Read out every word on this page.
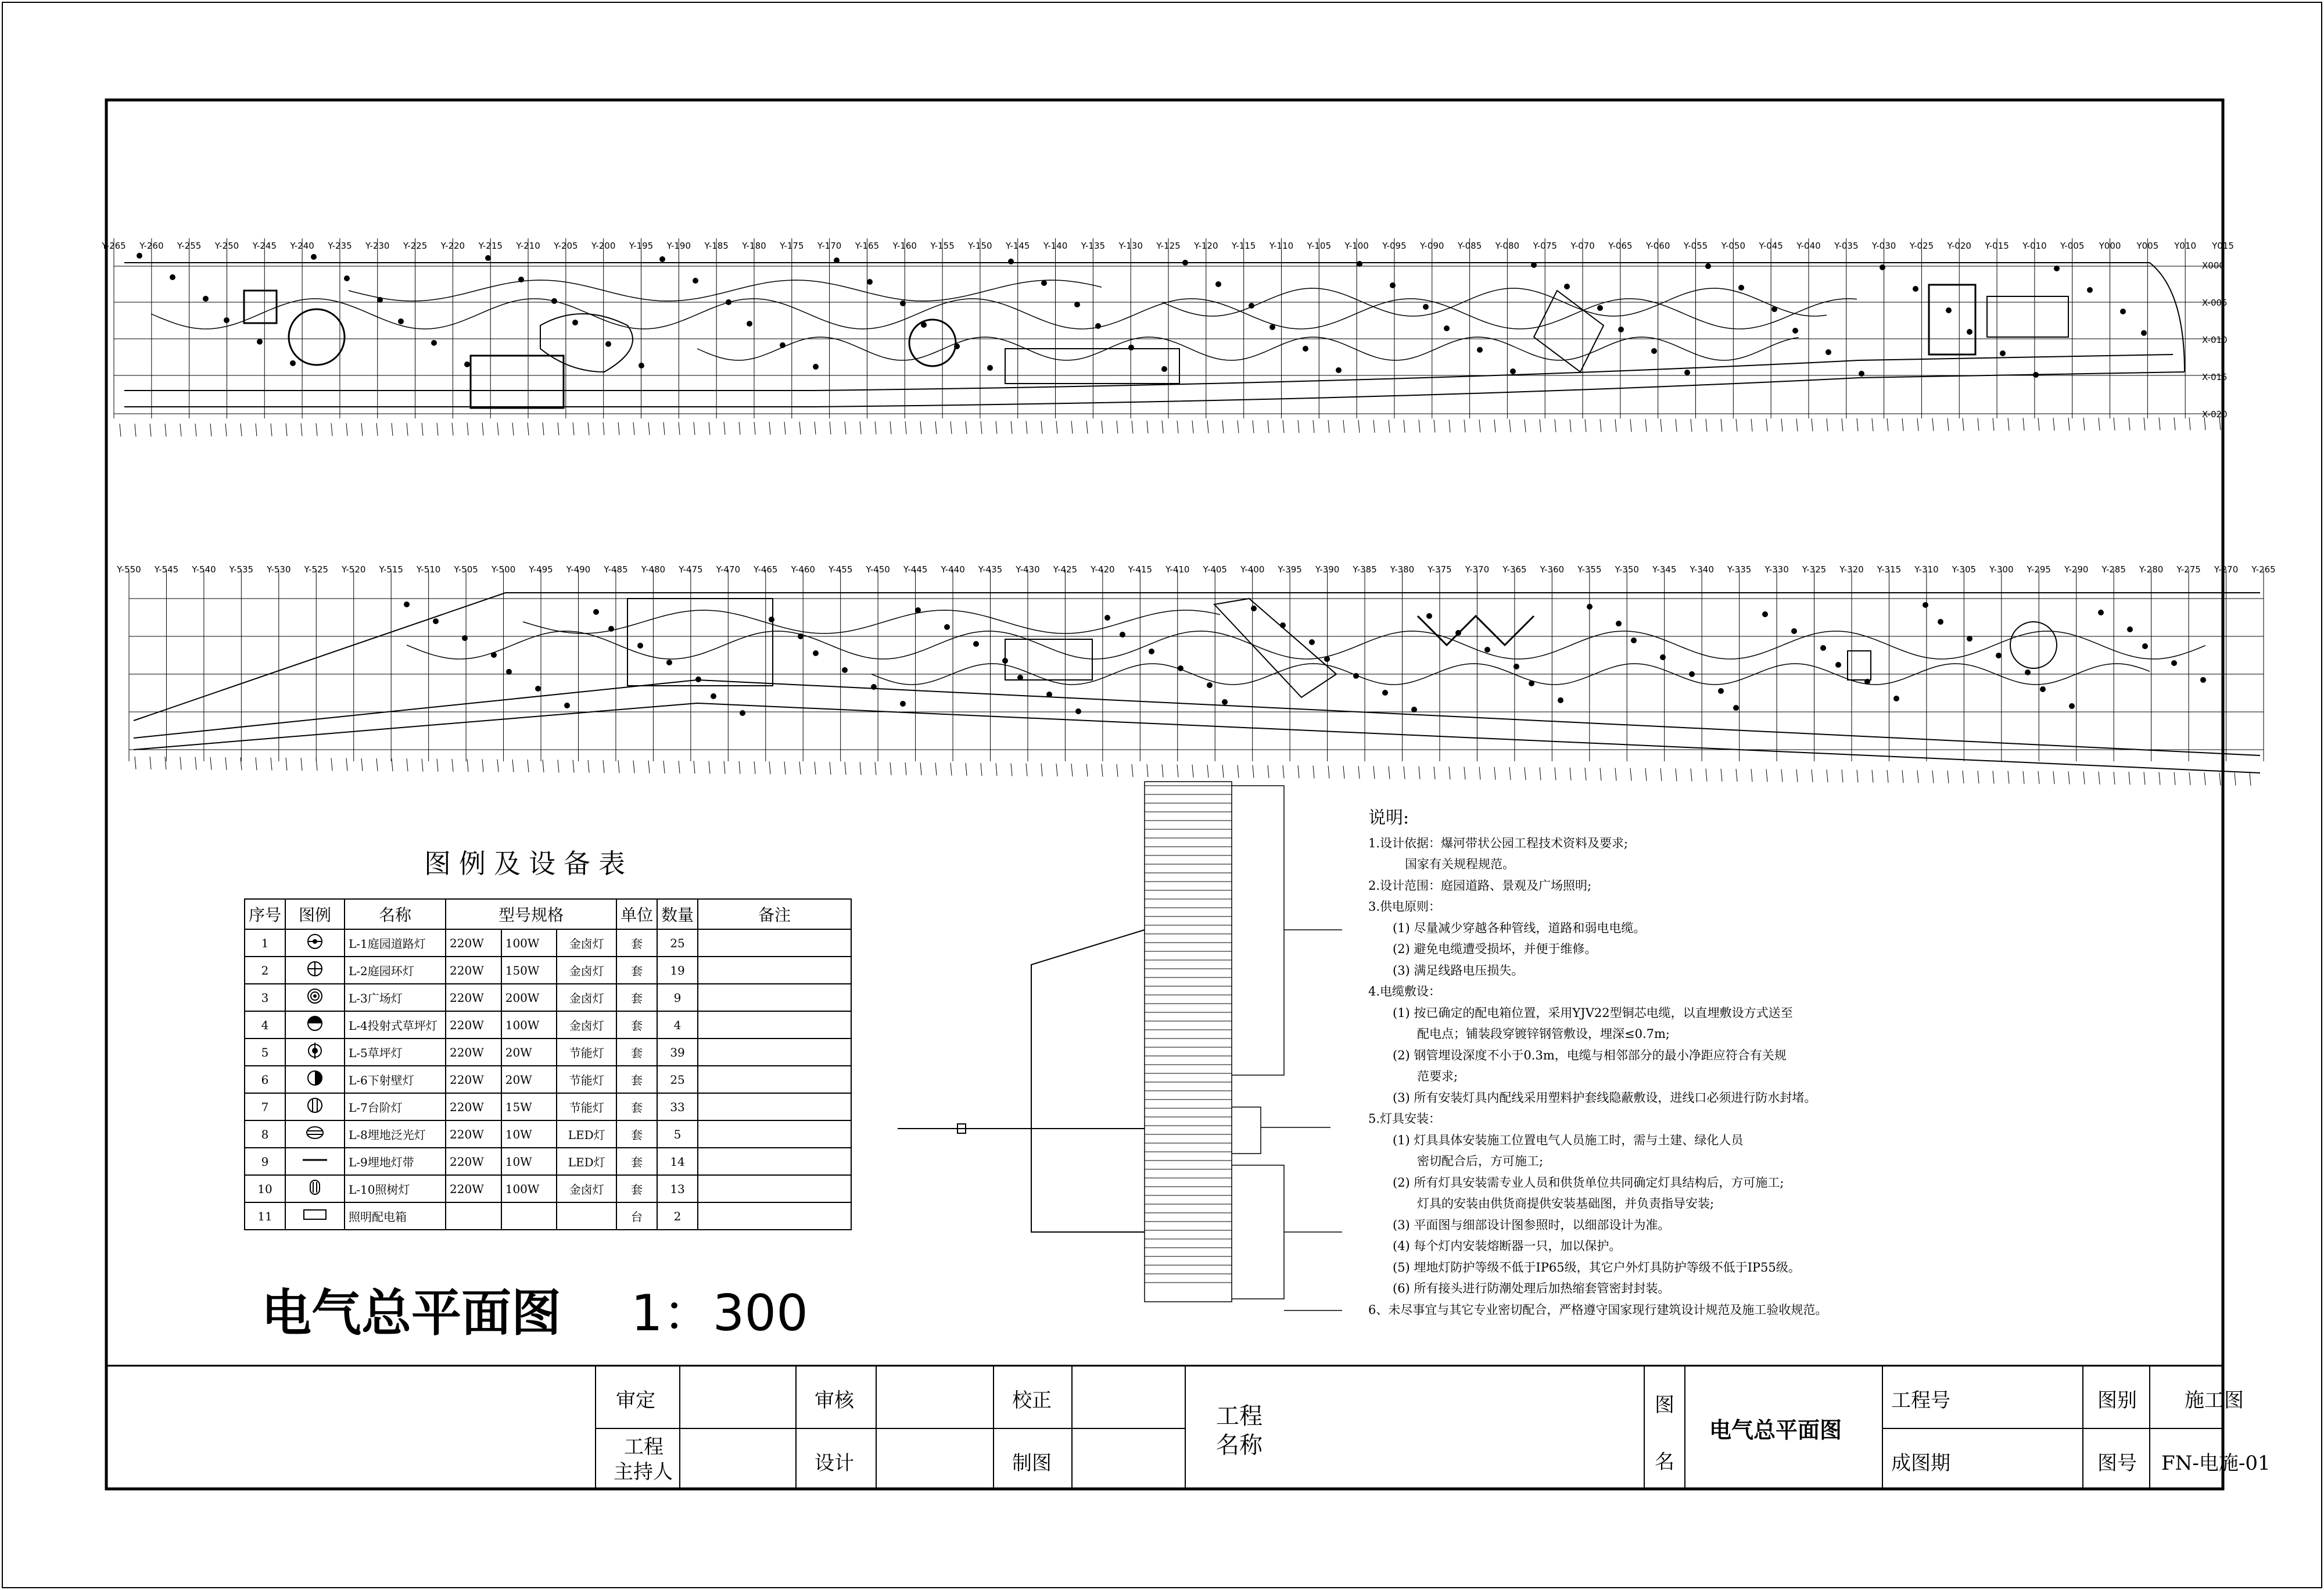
Y-265 Y-260 Y-255 Y-250 Y-245 Y-240 Y-235 Y-230 Y-225 Y-220 Y-215 Y-210 Y-205 Y-200 Y-195 Y-190 Y-185 Y-180 Y-175 Y-170 Y-165 Y-160 Y-155 Y-150 Y-145 Y-140 Y-135 Y-130 Y-125 Y-120 Y-115 Y-110 Y-105 Y-100 Y-095 Y-090 Y-085 Y-080 Y-075 Y-070 Y-065 Y-060 Y-055 Y-050 Y-045 Y-040 Y-035 Y-030 Y-025 Y-020 Y-015 Y-010 Y-005 Y000 Y005 Y010 Y015
X000
X-005
X-010
X-015
X-020
Y-550 Y-545 Y-540 Y-535 Y-530 Y-525 Y-520 Y-515 Y-510 Y-505 Y-500 Y-495 Y-490 Y-485 Y-480 Y-475 Y-470 Y-465 Y-460 Y-455 Y-450 Y-445 Y-440 Y-435 Y-430 Y-425 Y-420 Y-415 Y-410 Y-405 Y-400 Y-395 Y-390 Y-385 Y-380 Y-375 Y-370 Y-365 Y-360 Y-355 Y-350 Y-345 Y-340 Y-335 Y-330 Y-325 Y-320 Y-315 Y-310 Y-305 Y-300 Y-295 Y-290 Y-285 Y-280 Y-275 Y-270 Y-265
图例及设备表
序号	图例	名称	型号规格			单位	数量	备注
1		L-1庭园道路灯	220W	100W	金卤灯	套	25	
2		L-2庭园环灯	220W	150W	金卤灯	套	19	
3		L-3广场灯	220W	200W	金卤灯	套	9	
4		L-4投射式草坪灯	220W	100W	金卤灯	套	4	
5		L-5草坪灯	220W	20W	节能灯	套	39	
6		L-6下射壁灯	220W	20W	节能灯	套	25	
7		L-7台阶灯	220W	15W	节能灯	套	33	
8		L-8埋地泛光灯	220W	10W	LED灯	套	5	
9		L-9埋地灯带	220W	10W	LED灯	套	14	
10		L-10照树灯	220W	100W	金卤灯	套	13	
11		照明配电箱				台	2	
电气总平面图 1：300
说明:
1.设计依据：爆河带状公园工程技术资料及要求;
　　　国家有关规程规范。
2.设计范围：庭园道路、景观及广场照明;
3.供电原则：
　　(1) 尽量减少穿越各种管线，道路和弱电电缆。
　　(2) 避免电缆遭受损坏，并便于维修。
　　(3) 满足线路电压损失。
4.电缆敷设：
　　(1) 按已确定的配电箱位置，采用YJV22型铜芯电缆，以直埋敷设方式送至
　　　　配电点；铺装段穿镀锌钢管敷设，埋深≤0.7m;
　　(2) 钢管埋设深度不小于0.3m，电缆与相邻部分的最小净距应符合有关规
　　　　范要求;
　　(3) 所有安装灯具内配线采用塑料护套线隐蔽敷设，进线口必须进行防水封堵。
5.灯具安装：
　　(1) 灯具具体安装施工位置电气人员施工时，需与土建、绿化人员
　　　　密切配合后，方可施工;
　　(2) 所有灯具安装需专业人员和供货单位共同确定灯具结构后，方可施工;
　　　　灯具的安装由供货商提供安装基础图，并负责指导安装;
　　(3) 平面图与细部设计图参照时，以细部设计为准。
　　(4) 每个灯内安装熔断器一只，加以保护。
　　(5) 埋地灯防护等级不低于IP65级，其它户外灯具防护等级不低于IP55级。
　　(6) 所有接头进行防潮处理后加热缩套管密封封装。
6、未尽事宜与其它专业密切配合，严格遵守国家现行建筑设计规范及施工验收规范。
审定	审核	校正
工程
主持人	设计	制图
工程
名称
图
名
电气总平面图
工程号
成图期
图别 施工图
图号 FN-电施-01
